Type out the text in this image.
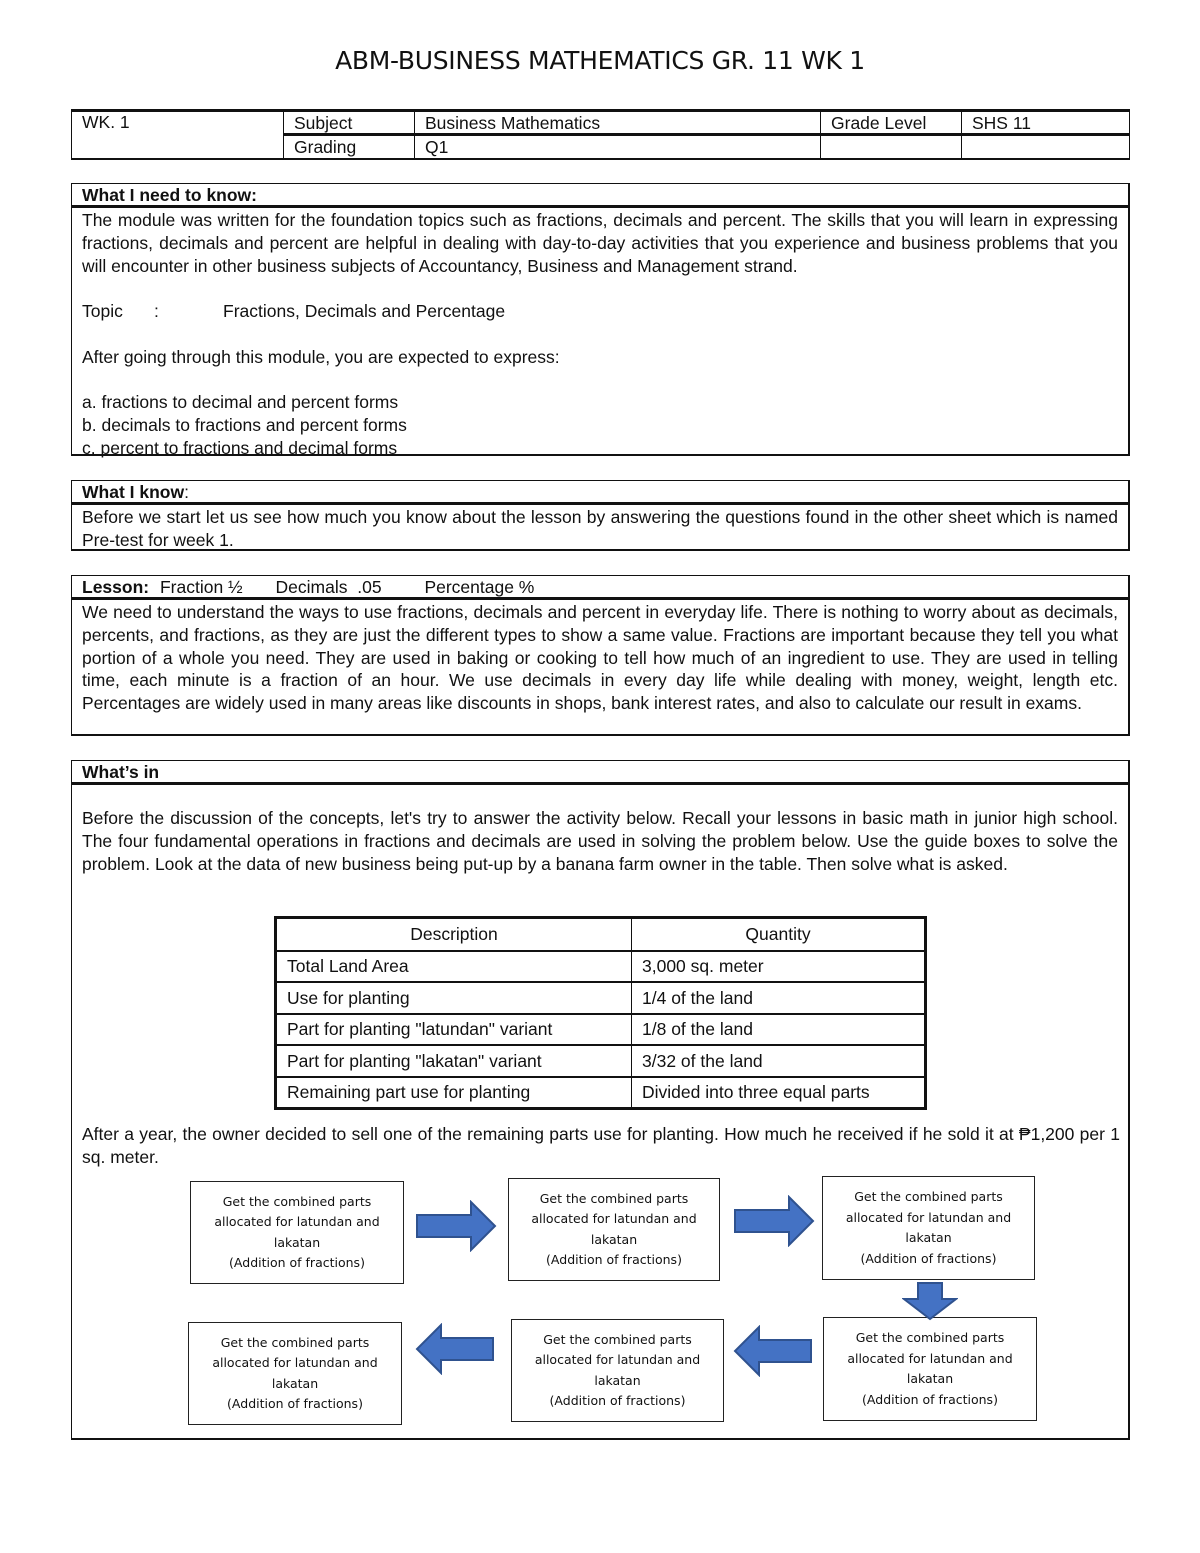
ABM-BUSINESS MATHEMATICS GR. 11 WK 1
WK. 1	Subject	Business Mathematics	Grade Level	SHS 11
	Grading	Q1		
What I need to know:
The module was written for the foundation topics such as fractions, decimals and percent. The skills that you will learn in expressing fractions, decimals and percent are helpful in dealing with day-to-day activities that you experience and business problems that you will encounter in other business subjects of Accountancy, Business and Management strand.
Topic	:	Fractions, Decimals and Percentage
After going through this module, you are expected to express:
a. fractions to decimal and percent forms
b. decimals to fractions and percent forms
c. percent to fractions and decimal forms
What I know:
Before we start let us see how much you know about the lesson by answering the questions found in the other sheet which is named Pre-test for week 1.
Lesson: Fraction ½ Decimals  .05 Percentage %
We need to understand the ways to use fractions, decimals and percent in everyday life. There is nothing to worry about as decimals, percents, and fractions, as they are just the different types to show a same value. Fractions are important because they tell you what portion of a whole you need. They are used in baking or cooking to tell how much of an ingredient to use. They are used in telling time, each minute is a fraction of an hour. We use decimals in every day life while dealing with money, weight, length etc. Percentages are widely used in many areas like discounts in shops, bank interest rates, and also to calculate our result in exams.
What’s in
Before the discussion of the concepts, let's try to answer the activity below. Recall your lessons in basic math in junior high school. The four fundamental operations in fractions and decimals are used in solving the problem below. Use the guide boxes to solve the problem. Look at the data of new business being put-up by a banana farm owner in the table. Then solve what is asked.
Description	Quantity
Total Land Area	3,000 sq. meter
Use for planting	1/4 of the land
Part for planting "latundan" variant	1/8 of the land
Part for planting "lakatan" variant	3/32 of the land
Remaining part use for planting	Divided into three equal parts
After a year, the owner decided to sell one of the remaining parts use for planting. How much he received if he sold it at ₱1,200 per 1 sq. meter.
Get the combined parts
allocated for latundan and
lakatan
(Addition of fractions)
Get the combined parts
allocated for latundan and
lakatan
(Addition of fractions)
Get the combined parts
allocated for latundan and
lakatan
(Addition of fractions)
Get the combined parts
allocated for latundan and
lakatan
(Addition of fractions)
Get the combined parts
allocated for latundan and
lakatan
(Addition of fractions)
Get the combined parts
allocated for latundan and
lakatan
(Addition of fractions)
